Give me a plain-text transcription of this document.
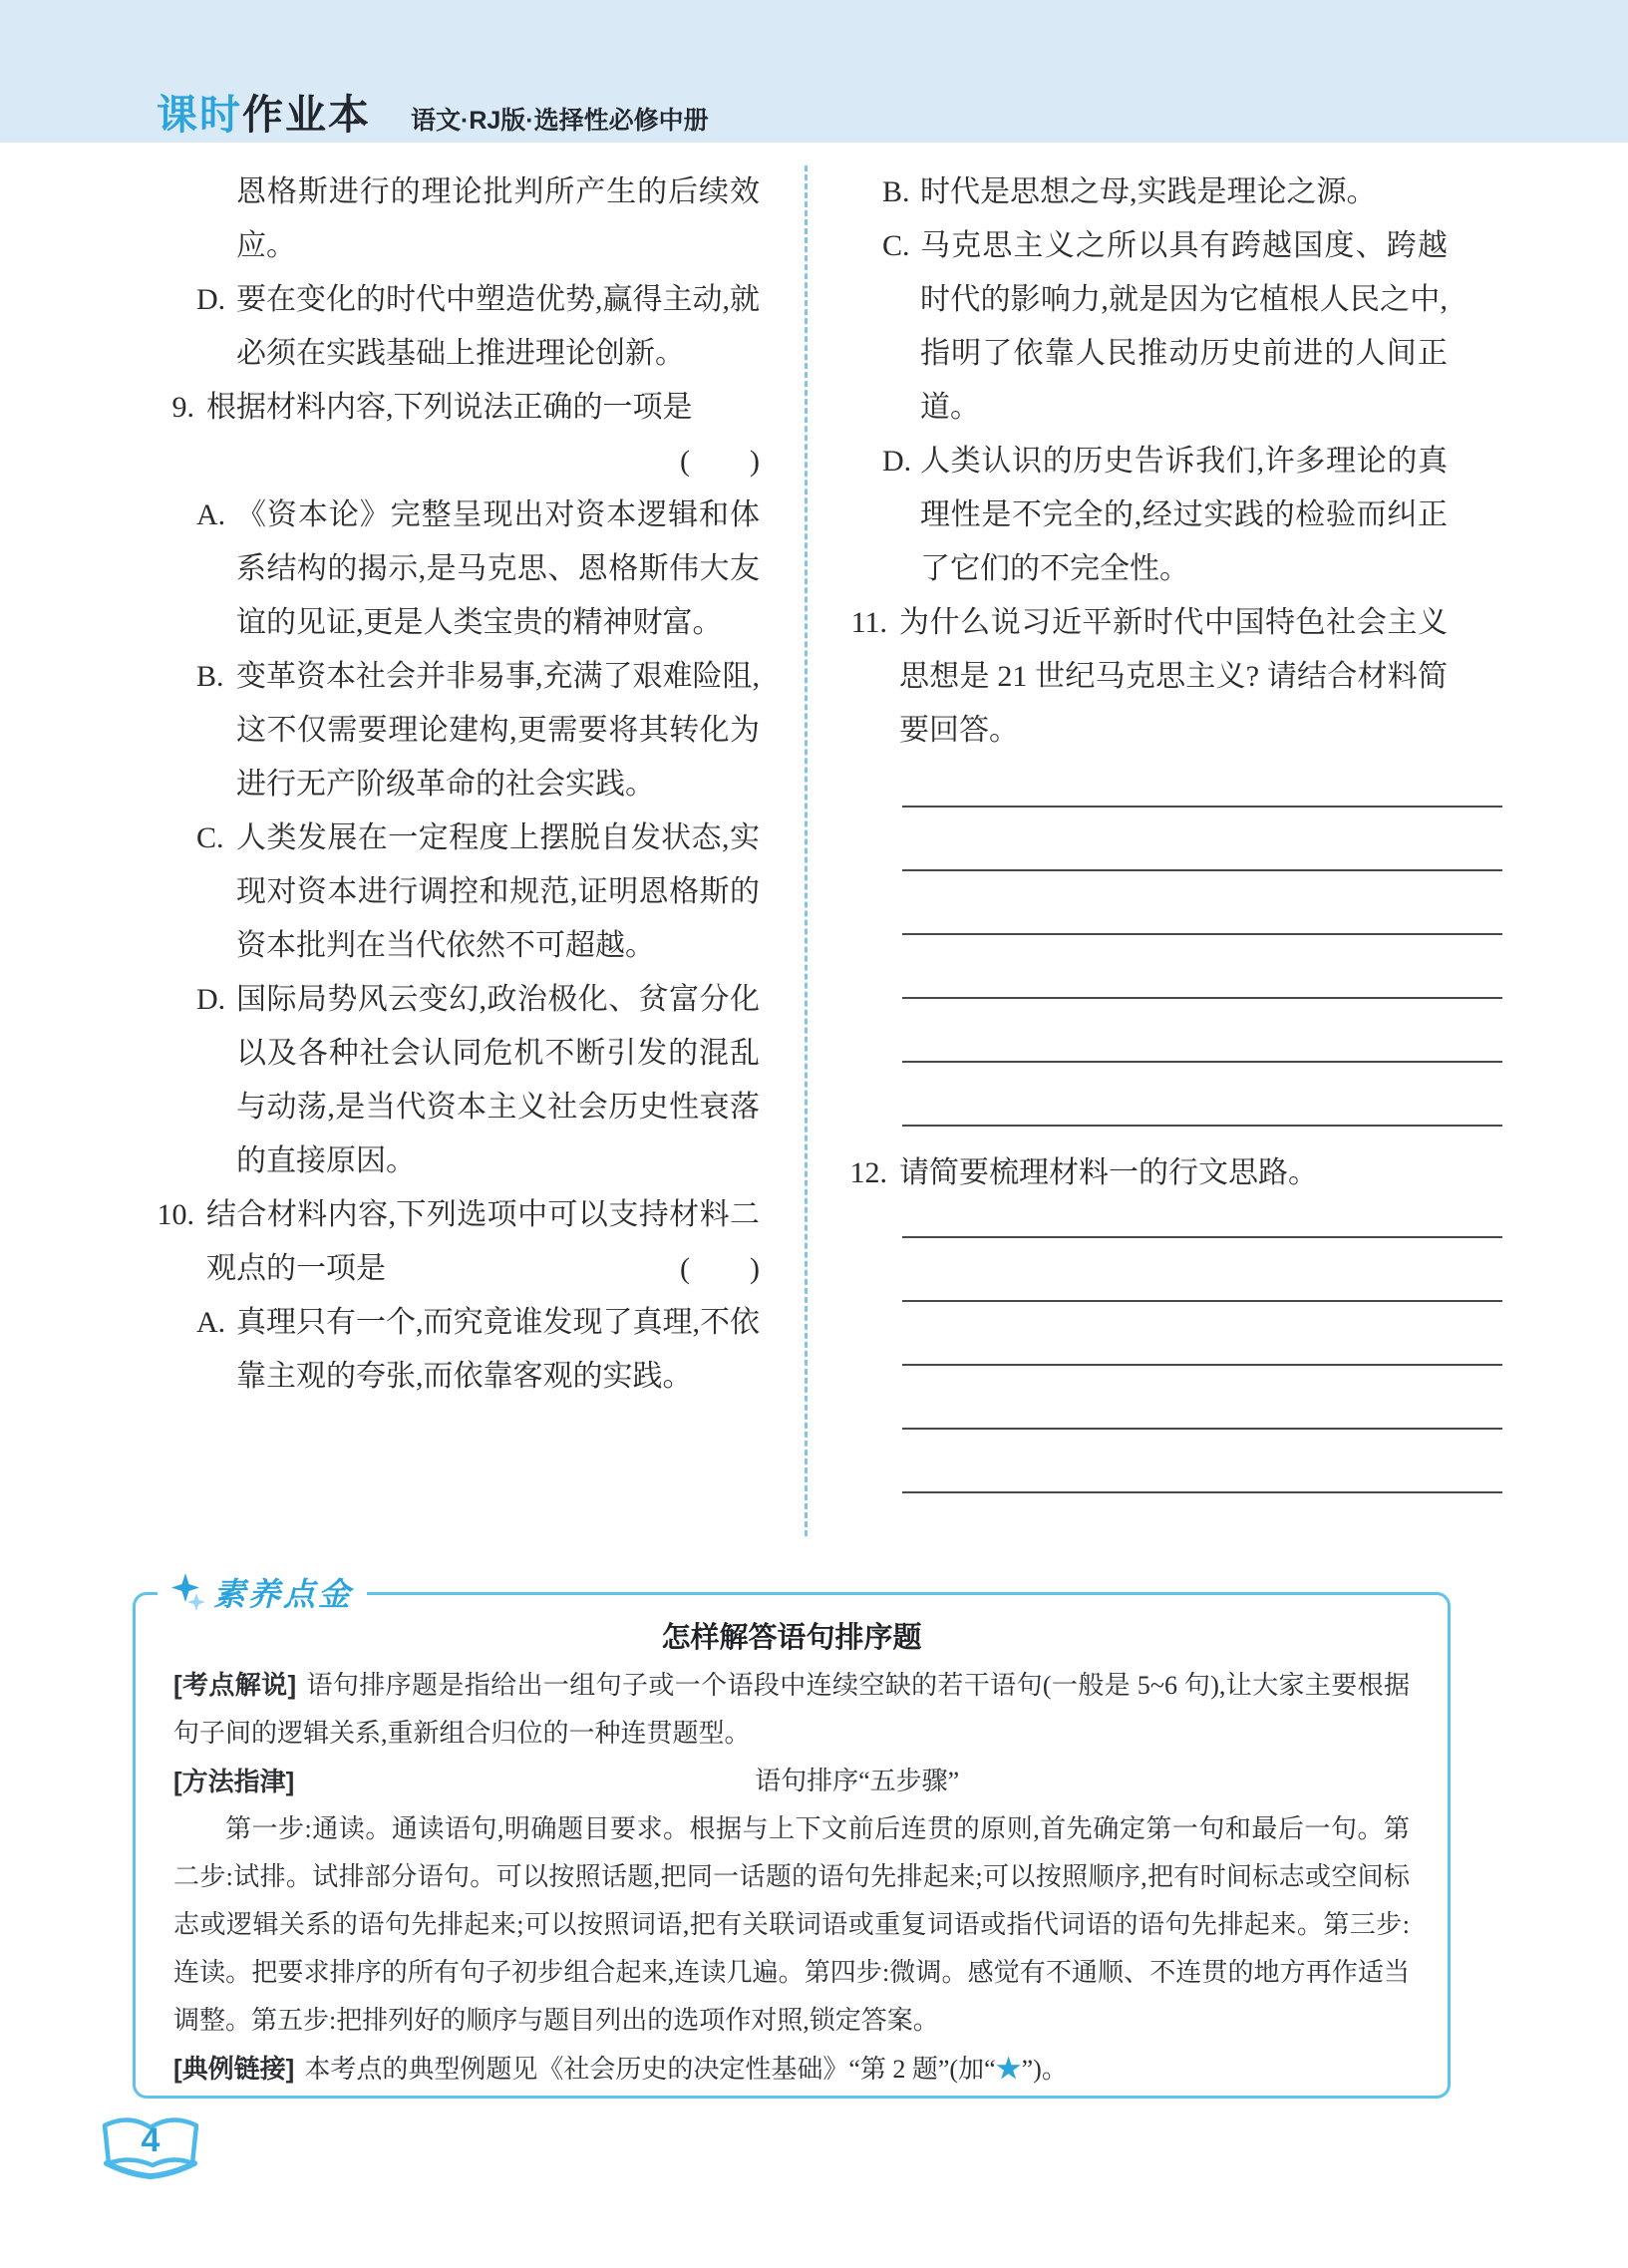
课时 作业本 语文·RJ版·选择性必修中册
恩格斯进行的理论批判所产生的后续效应。
D. 要在变化的时代中塑造优势,赢得主动,就必须在实践基础上推进理论创新。
9. 根据材料内容,下列说法正确的一项是
(　　)
A. 《资本论》完整呈现出对资本逻辑和体系结构的揭示,是马克思、恩格斯伟大友谊的见证,更是人类宝贵的精神财富。
B. 变革资本社会并非易事,充满了艰难险阻,这不仅需要理论建构,更需要将其转化为进行无产阶级革命的社会实践。
C. 人类发展在一定程度上摆脱自发状态,实现对资本进行调控和规范,证明恩格斯的资本批判在当代依然不可超越。
D. 国际局势风云变幻,政治极化、贫富分化以及各种社会认同危机不断引发的混乱与动荡,是当代资本主义社会历史性衰落的直接原因。
10. 结合材料内容,下列选项中可以支持材料二观点的一项是	(　　)
A. 真理只有一个,而究竟谁发现了真理,不依靠主观的夸张,而依靠客观的实践。
B. 时代是思想之母,实践是理论之源。
C. 马克思主义之所以具有跨越国度、跨越时代的影响力,就是因为它植根人民之中,指明了依靠人民推动历史前进的人间正道。
D. 人类认识的历史告诉我们,许多理论的真理性是不完全的,经过实践的检验而纠正了它们的不完全性。
11. 为什么说习近平新时代中国特色社会主义思想是 21 世纪马克思主义? 请结合材料简要回答。
12. 请简要梳理材料一的行文思路。
素养点金
怎样解答语句排序题
[考点解说] 语句排序题是指给出一组句子或一个语段中连续空缺的若干语句(一般是 5~6 句),让大家主要根据句子间的逻辑关系,重新组合归位的一种连贯题型。
[方法指津]	语句排序“五步骤”
第一步:通读。通读语句,明确题目要求。根据与上下文前后连贯的原则,首先确定第一句和最后一句。第二步:试排。试排部分语句。可以按照话题,把同一话题的语句先排起来;可以按照顺序,把有时间标志或空间标志或逻辑关系的语句先排起来;可以按照词语,把有关联词语或重复词语或指代词语的语句先排起来。第三步:连读。把要求排序的所有句子初步组合起来,连读几遍。第四步:微调。感觉有不通顺、不连贯的地方再作适当调整。第五步:把排列好的顺序与题目列出的选项作对照,锁定答案。
[典例链接] 本考点的典型例题见《社会历史的决定性基础》“第 2 题”(加“★”)。
4
